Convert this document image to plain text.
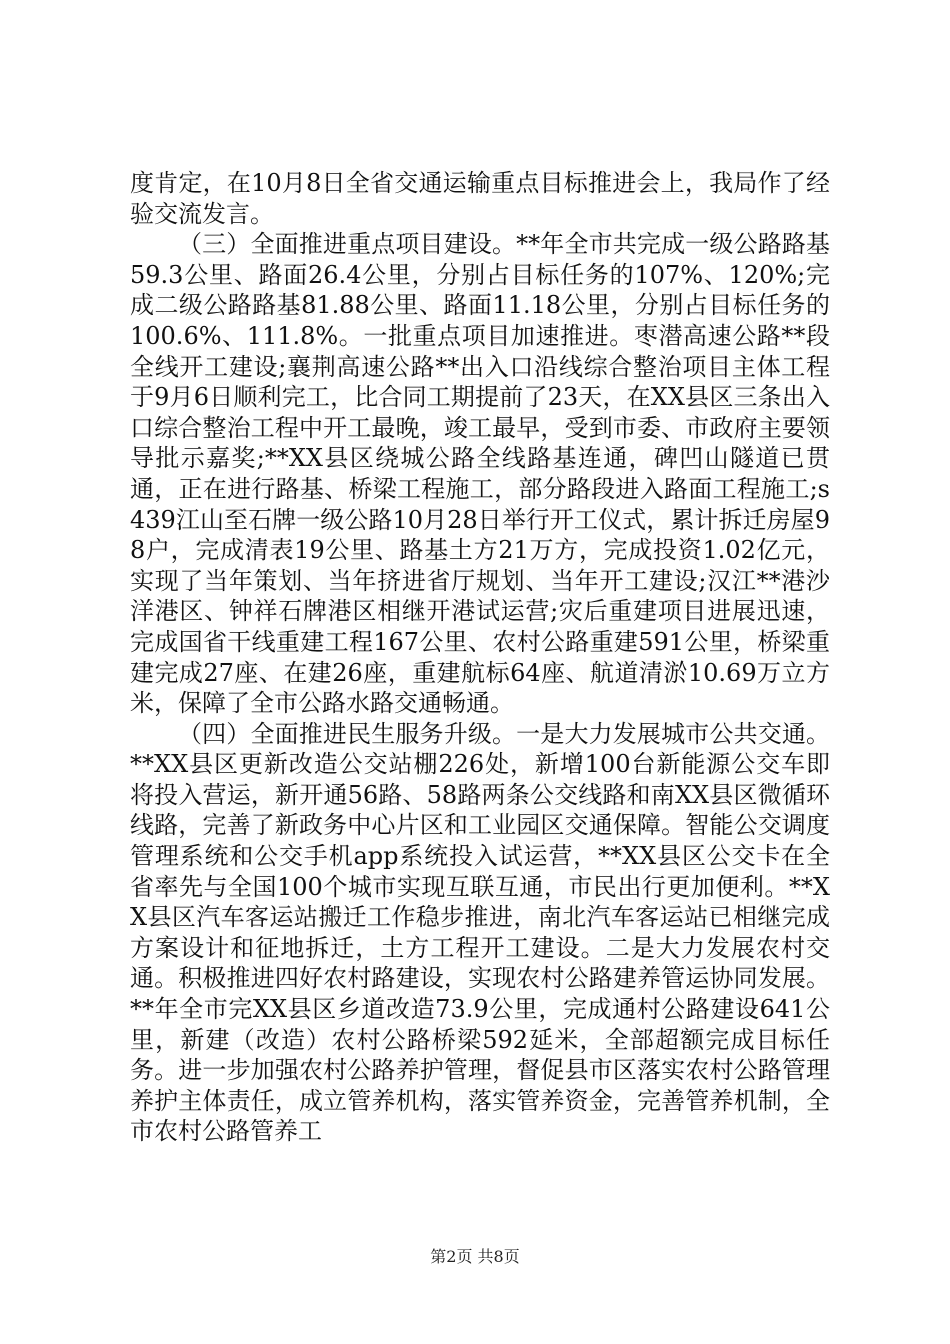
度肯定，在10月8日全省交通运输重点目标推进会上，我局作了经验交流发言。

（三）全面推进重点项目建设。**年全市共完成一级公路路基59.3公里、路面26.4公里，分别占目标任务的107%、120%;完成二级公路路基81.88公里、路面11.18公里，分别占目标任务的100.6%、111.8%。一批重点项目加速推进。枣潜高速公路**段全线开工建设;襄荆高速公路**出入口沿线综合整治项目主体工程于9月6日顺利完工，比合同工期提前了23天，在XX县区三条出入口综合整治工程中开工最晚，竣工最早，受到市委、市政府主要领导批示嘉奖;**XX县区绕城公路全线路基连通，碑凹山隧道已贯通，正在进行路基、桥梁工程施工，部分路段进入路面工程施工;s439江山至石牌一级公路10月28日举行开工仪式，累计拆迁房屋98户，完成清表19公里、路基土方21万方，完成投资1.02亿元，实现了当年策划、当年挤进省厅规划、当年开工建设;汉江**港沙洋港区、钟祥石牌港区相继开港试运营;灾后重建项目进展迅速，完成国省干线重建工程167公里、农村公路重建591公里，桥梁重建完成27座、在建26座，重建航标64座、航道清淤10.69万立方米，保障了全市公路水路交通畅通。

（四）全面推进民生服务升级。一是大力发展城市公共交通。**XX县区更新改造公交站棚226处，新增100台新能源公交车即将投入营运，新开通56路、58路两条公交线路和南XX县区微循环线路，完善了新政务中心片区和工业园区交通保障。智能公交调度管理系统和公交手机app系统投入试运营，**XX县区公交卡在全省率先与全国100个城市实现互联互通，市民出行更加便利。**XX县区汽车客运站搬迁工作稳步推进，南北汽车客运站已相继完成方案设计和征地拆迁，土方工程开工建设。二是大力发展农村交通。积极推进四好农村路建设，实现农村公路建养管运协同发展。**年全市完XX县区乡道改造73.9公里，完成通村公路建设641公里，新建（改造）农村公路桥梁592延米，全部超额完成目标任务。进一步加强农村公路养护管理，督促县市区落实农村公路管理养护主体责任，成立管养机构，落实管养资金，完善管养机制，全市农村公路管养工

第2页 共8页
